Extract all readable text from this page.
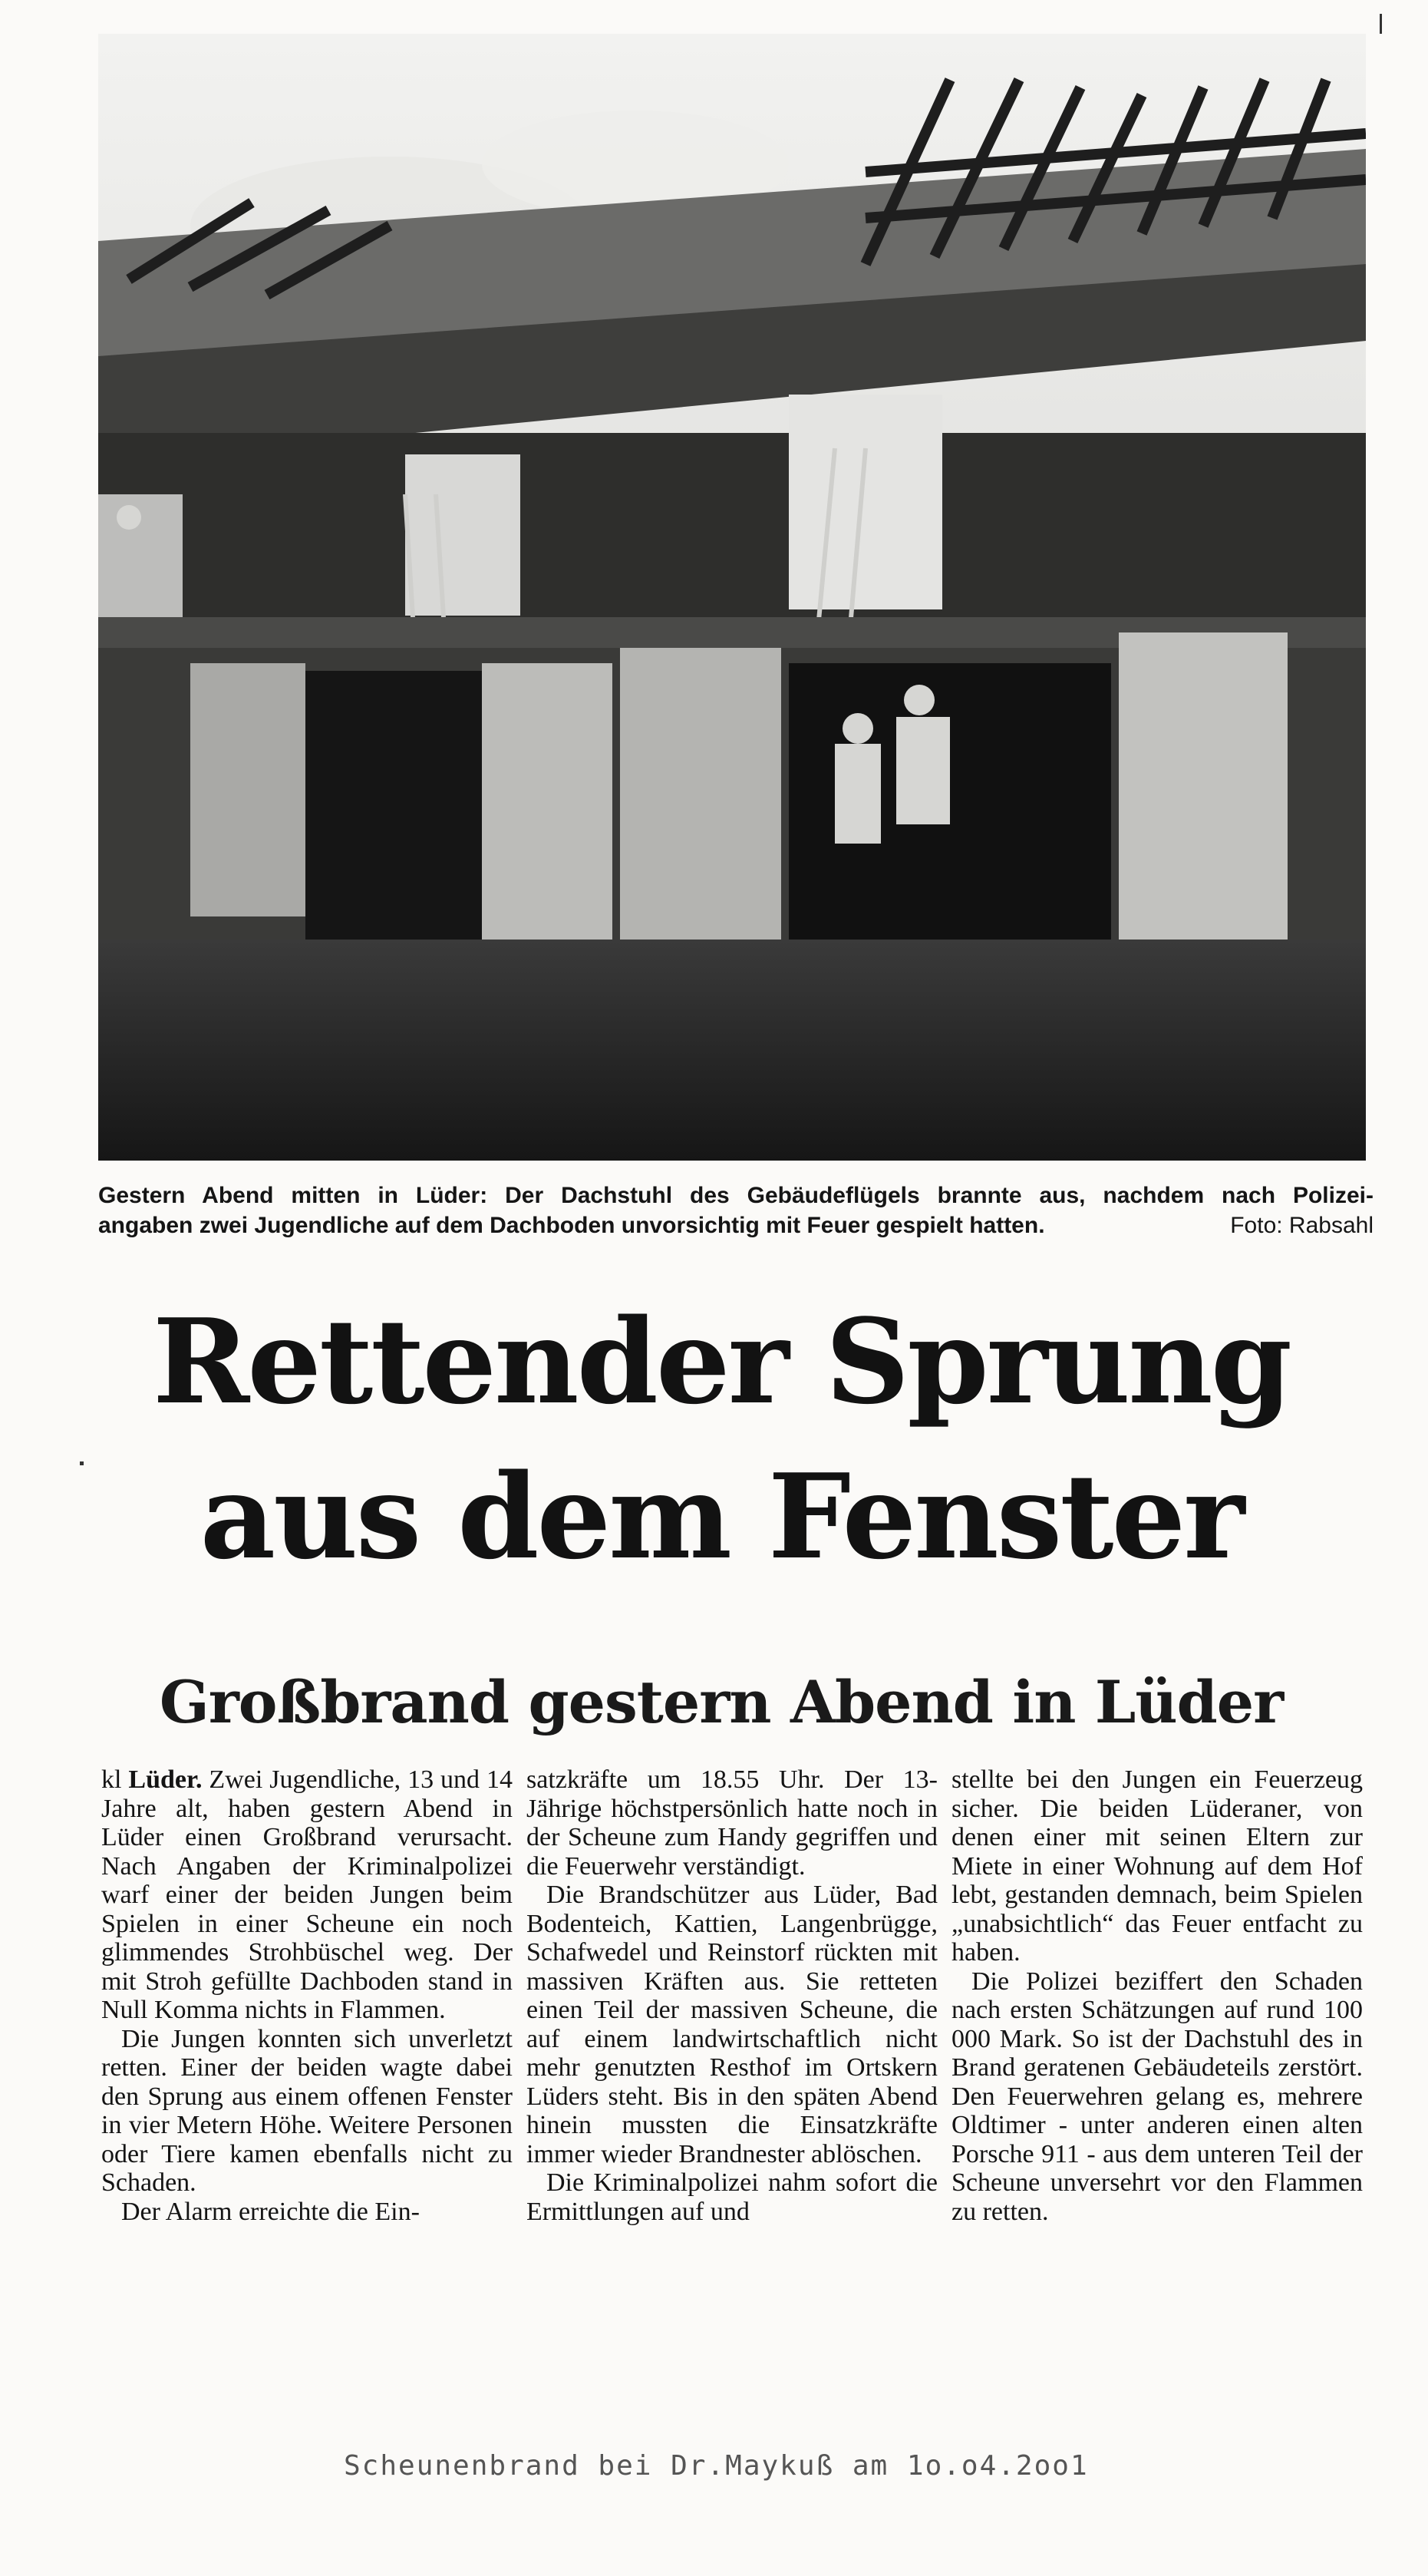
Gestern Abend mitten in Lüder: Der Dachstuhl des Gebäudeflügels brannte aus, nachdem nach Polizei-
angaben zwei Jugendliche auf dem Dachboden unvorsichtig mit Feuer gespielt hatten.	Foto: Rabsahl
Rettender Sprung
aus dem Fenster
Großbrand gestern Abend in Lüder

kl Lüder. Zwei Jugendliche, 13 und 14 Jahre alt, haben gestern Abend in Lüder einen Großbrand verursacht. Nach Angaben der Kriminalpolizei warf einer der beiden Jungen beim Spielen in einer Scheune ein noch glimmendes Strohbüschel weg. Der mit Stroh gefüllte Dachboden stand in Null Komma nichts in Flammen.

Die Jungen konnten sich unverletzt retten. Einer der beiden wagte dabei den Sprung aus einem offenen Fenster in vier Metern Höhe. Weitere Personen oder Tiere kamen ebenfalls nicht zu Schaden.

Der Alarm erreichte die Ein-

satzkräfte um 18.55 Uhr. Der 13-Jährige höchstpersönlich hatte noch in der Scheune zum Handy gegriffen und die Feuerwehr verständigt.

Die Brandschützer aus Lüder, Bad Bodenteich, Kattien, Langenbrügge, Schafwedel und Reinstorf rückten mit massiven Kräften aus. Sie retteten einen Teil der massiven Scheune, die auf einem landwirtschaftlich nicht mehr genutzten Resthof im Ortskern Lüders steht. Bis in den späten Abend hinein mussten die Einsatzkräfte immer wieder Brandnester ablöschen.

Die Kriminalpolizei nahm sofort die Ermittlungen auf und

stellte bei den Jungen ein Feuerzeug sicher. Die beiden Lüderaner, von denen einer mit seinen Eltern zur Miete in einer Wohnung auf dem Hof lebt, gestanden demnach, beim Spielen „unabsichtlich“ das Feuer entfacht zu haben.

Die Polizei beziffert den Schaden nach ersten Schätzungen auf rund 100 000 Mark. So ist der Dachstuhl des in Brand geratenen Gebäudeteils zerstört. Den Feuerwehren gelang es, mehrere Oldtimer - unter anderen einen alten Porsche 911 - aus dem unteren Teil der Scheune unversehrt vor den Flammen zu retten.

Scheunenbrand bei Dr.Maykuß am 1o.o4.2oo1
